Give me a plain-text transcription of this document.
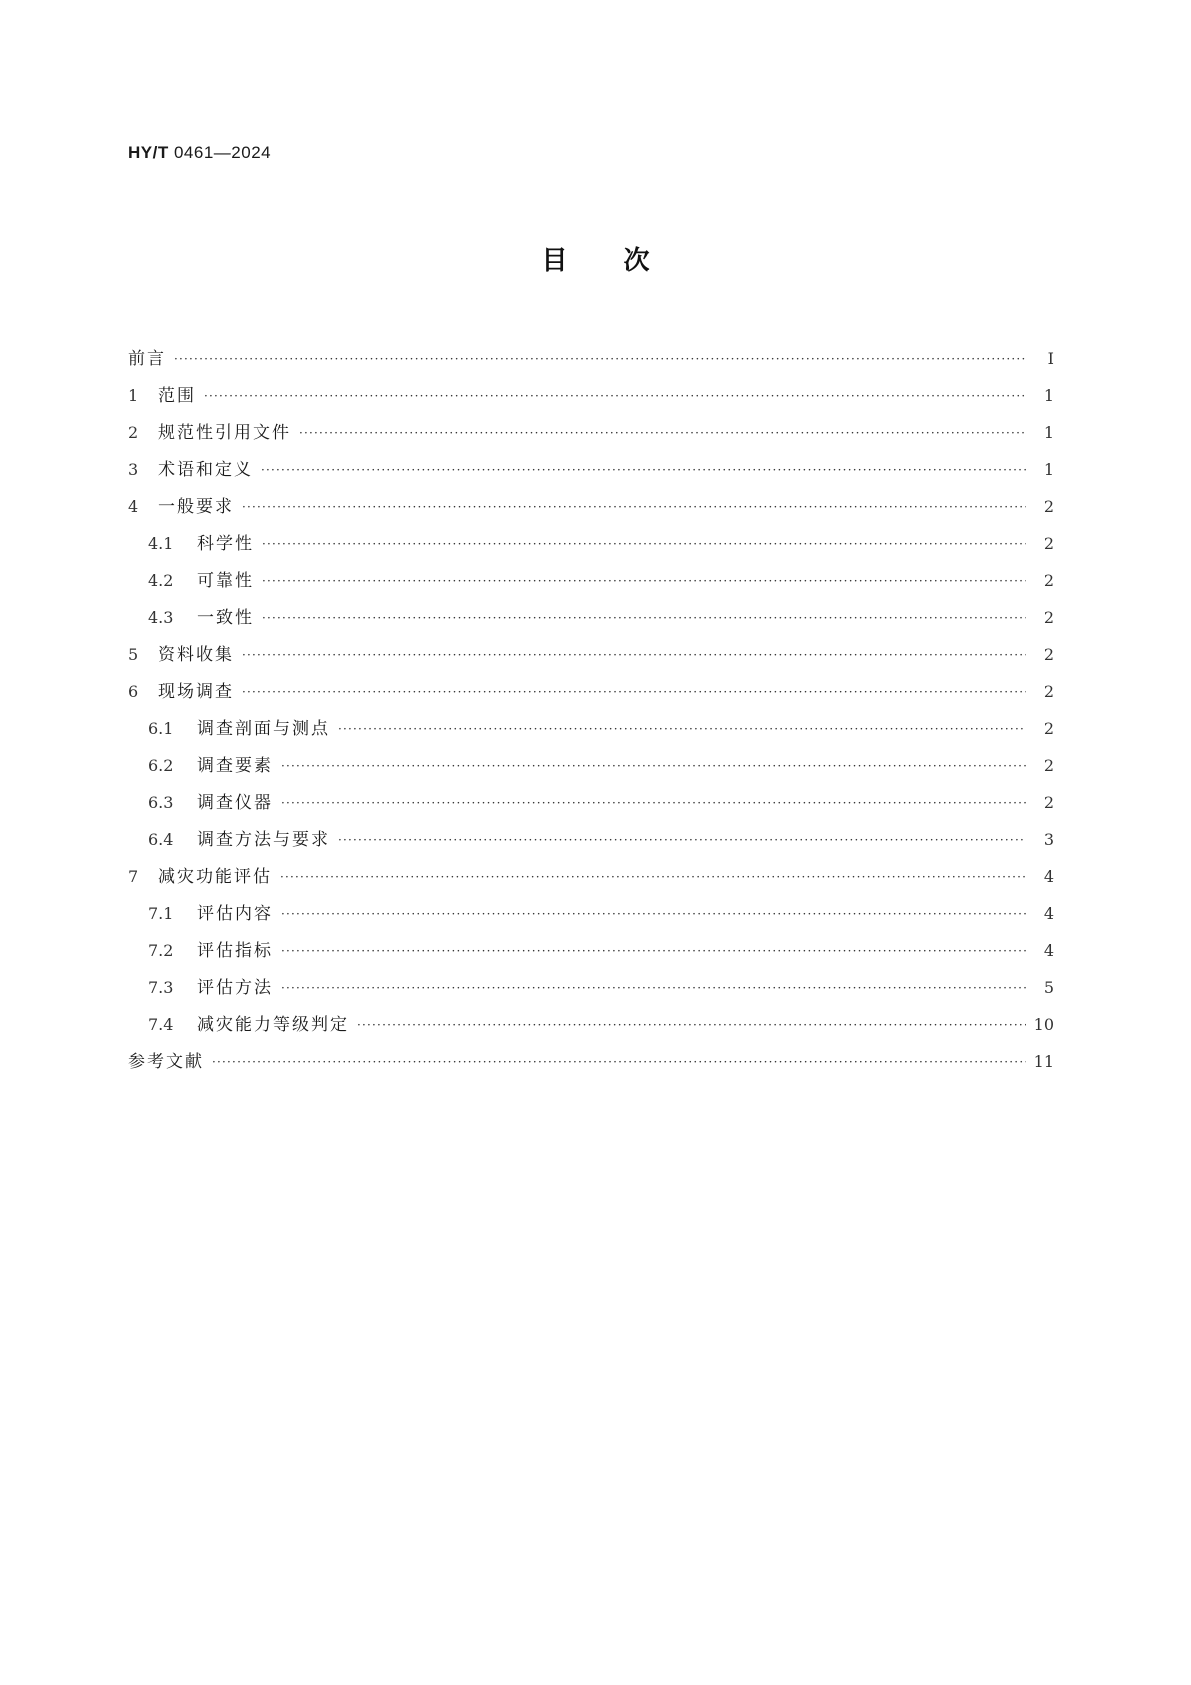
HY/T 0461—2024
目次
前言 ·····	Ⅰ
1	范围 ·····	1
2	规范性引用文件 ·····	1
3	术语和定义 ·····	1
4	一般要求 ·····	2
4.1	科学性 ·····	2
4.2	可靠性 ·····	2
4.3	一致性 ·····	2
5	资料收集 ·····	2
6	现场调查 ·····	2
6.1	调查剖面与测点 ·····	2
6.2	调查要素 ·····	2
6.3	调查仪器 ·····	2
6.4	调查方法与要求 ·····	3
7	减灾功能评估 ·····	4
7.1	评估内容 ·····	4
7.2	评估指标 ·····	4
7.3	评估方法 ·····	5
7.4	减灾能力等级判定 ·····	10
参考文献 ·····	11
